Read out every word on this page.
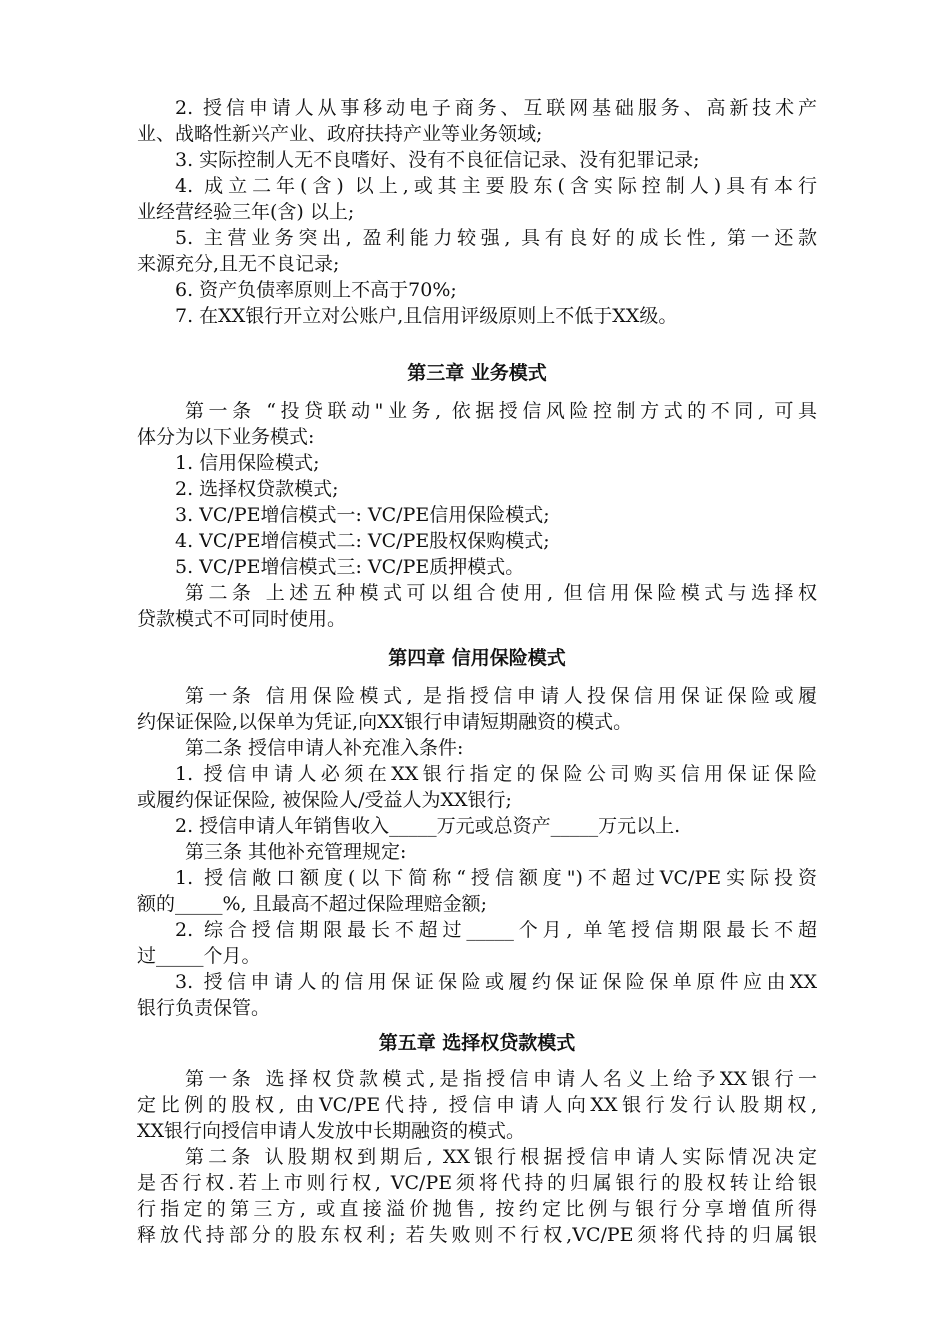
2. 授信申请人从事移动电子商务、互联网基础服务、高新技术产
业、战略性新兴产业、政府扶持产业等业务领域;
3. 实际控制人无不良嗜好、没有不良征信记录、没有犯罪记录;
4. 成立二年(含) 以上,或其主要股东(含实际控制人)具有本行
业经营经验三年(含) 以上;
5. 主营业务突出, 盈利能力较强, 具有良好的成长性, 第一还款
来源充分,且无不良记录;
6. 资产负债率原则上不高于70%;
7. 在XX银行开立对公账户,且信用评级原则上不低于XX级。
第三章 业务模式
第一条 “投贷联动"业务, 依据授信风险控制方式的不同, 可具
体分为以下业务模式:
1. 信用保险模式;
2. 选择权贷款模式;
3. VC/PE增信模式一: VC/PE信用保险模式;
4. VC/PE增信模式二: VC/PE股权保购模式;
5. VC/PE增信模式三: VC/PE质押模式。
第二条 上述五种模式可以组合使用, 但信用保险模式与选择权
贷款模式不可同时使用。
第四章 信用保险模式
第一条 信用保险模式, 是指授信申请人投保信用保证保险或履
约保证保险,以保单为凭证,向XX银行申请短期融资的模式。
第二条 授信申请人补充准入条件:
1. 授信申请人必须在XX银行指定的保险公司购买信用保证保险
或履约保证保险, 被保险人/受益人为XX银行;
2. 授信申请人年销售收入_____万元或总资产_____万元以上.
第三条 其他补充管理规定:
1. 授信敞口额度(以下简称“授信额度")不超过VC/PE实际投资
额的_____%, 且最高不超过保险理赔金额;
2. 综合授信期限最长不超过_____个月, 单笔授信期限最长不超
过_____个月。
3. 授信申请人的信用保证保险或履约保证保险保单原件应由XX
银行负责保管。
第五章 选择权贷款模式
第一条 选择权贷款模式,是指授信申请人名义上给予XX银行一
定比例的股权, 由VC/PE代持, 授信申请人向XX银行发行认股期权,
XX银行向授信申请人发放中长期融资的模式。
第二条 认股期权到期后, XX银行根据授信申请人实际情况决定
是否行权.若上市则行权, VC/PE须将代持的归属银行的股权转让给银
行指定的第三方, 或直接溢价抛售, 按约定比例与银行分享增值所得
释放代持部分的股东权利; 若失败则不行权,VC/PE须将代持的归属银
